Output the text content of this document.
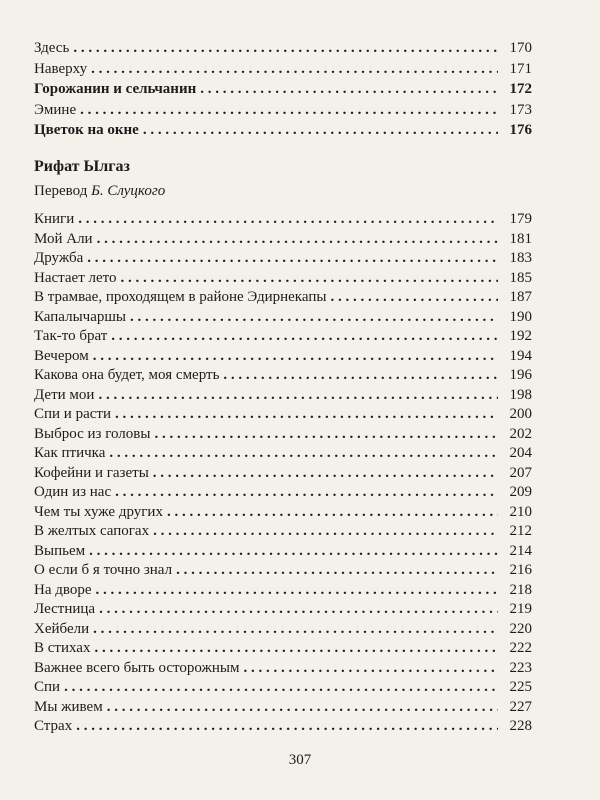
Здесь . . .	170
Наверху . . .	171
Горожанин и сельчанин . . .	172
Эмине . . .	173
Цветок на окне . . .	176
Рифат Ылгаз
Перевод Б. Слуцкого
Книги . . .	179
Мой Али . . .	181
Дружба . . .	183
Настает лето . . .	185
В трамвае, проходящем в районе Эдирнекапы . . .	187
Капалычаршы . . .	190
Так-то брат . . .	192
Вечером . . .	194
Какова она будет, моя смерть . . .	196
Дети мои . . .	198
Спи и расти . . .	200
Выброс из головы . . .	202
Как птичка . . .	204
Кофейни и газеты . . .	207
Один из нас . . .	209
Чем ты хуже других . . .	210
В желтых сапогах . . .	212
Выпьем . . .	214
О если б я точно знал . . .	216
На дворе . . .	218
Лестница . . .	219
Хейбели . . .	220
В стихах . . .	222
Важнее всего быть осторожным . . .	223
Спи . . .	225
Мы живем . . .	227
Страх . . .	228
307
